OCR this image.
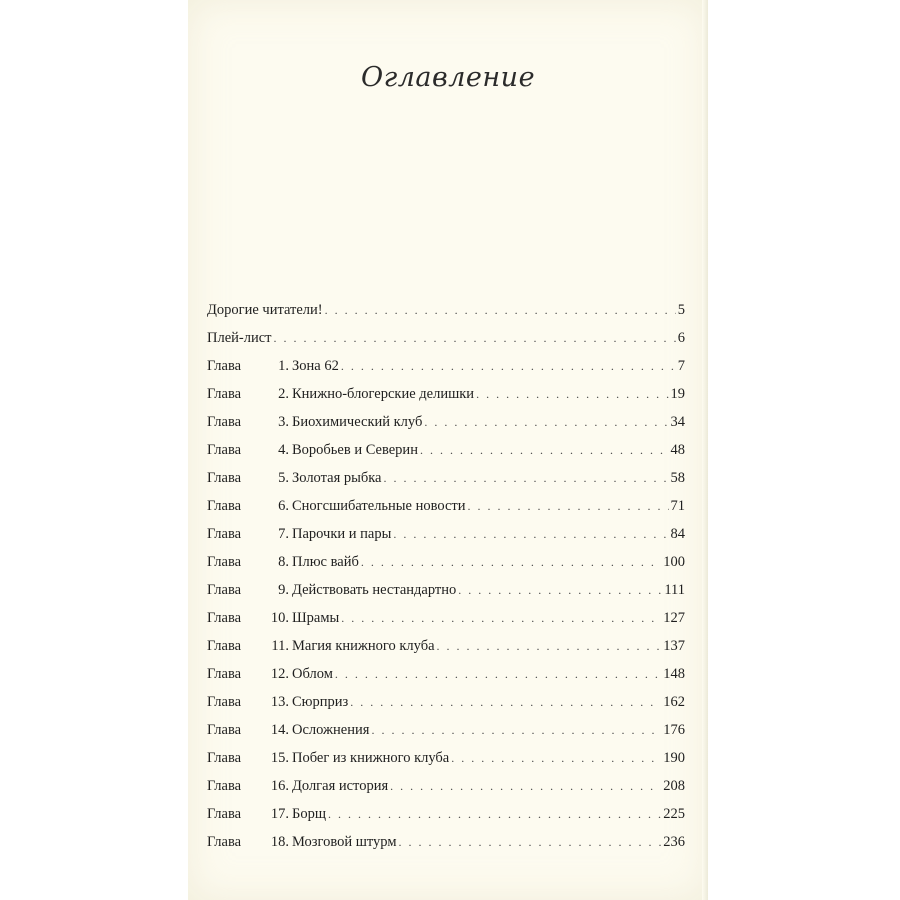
Оглавление
Дорогие читатели! . . .	5
Плей-лист . . .	6
Глава	1. Зона 62 . . .	7
Глава	2. Книжно-блогерские делишки . . .	19
Глава	3. Биохимический клуб . . .	34
Глава	4. Воробьев и Северин . . .	48
Глава	5. Золотая рыбка . . .	58
Глава	6. Сногсшибательные новости . . .	71
Глава	7. Парочки и пары . . .	84
Глава	8. Плюс вайб . . .	100
Глава	9. Действовать нестандартно . . .	111
Глава	10. Шрамы . . .	127
Глава	11. Магия книжного клуба . . .	137
Глава	12. Облом . . .	148
Глава	13. Сюрприз . . .	162
Глава	14. Осложнения . . .	176
Глава	15. Побег из книжного клуба . . .	190
Глава	16. Долгая история . . .	208
Глава	17. Борщ . . .	225
Глава	18. Мозговой штурм . . .	236
